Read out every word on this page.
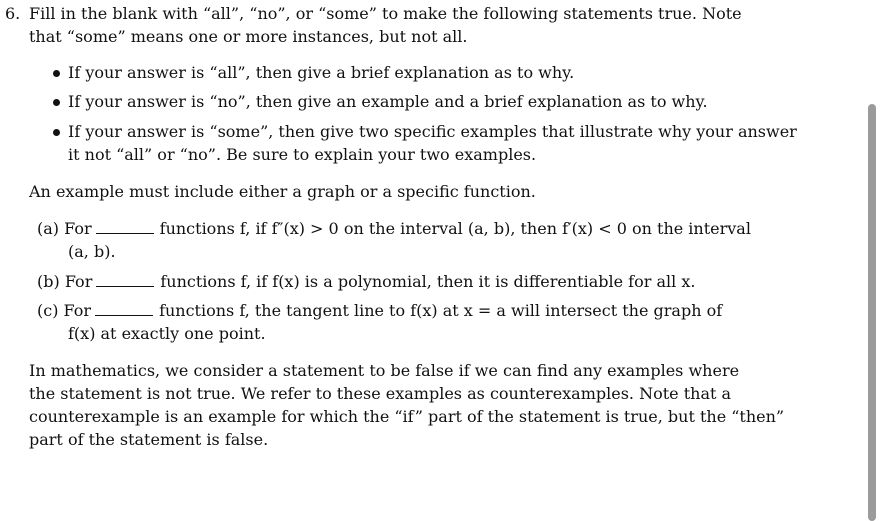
6. Fill in the blank with “all”, “no”, or “some” to make the following statements true. Note
that “some” means one or more instances, but not all.
If your answer is “all”, then give a brief explanation as to why.
If your answer is “no”, then give an example and a brief explanation as to why.
If your answer is “some”, then give two specific examples that illustrate why your answer
it not “all” or “no”. Be sure to explain your two examples.
An example must include either a graph or a specific function.
(a) For	functions f, if f″(x) > 0 on the interval (a, b), then f′(x) < 0 on the interval
(a, b).
(b) For	functions f, if f(x) is a polynomial, then it is differentiable for all x.
(c) For	functions f, the tangent line to f(x) at x = a will intersect the graph of
f(x) at exactly one point.
In mathematics, we consider a statement to be false if we can find any examples where
the statement is not true. We refer to these examples as counterexamples. Note that a
counterexample is an example for which the “if” part of the statement is true, but the “then”
part of the statement is false.
